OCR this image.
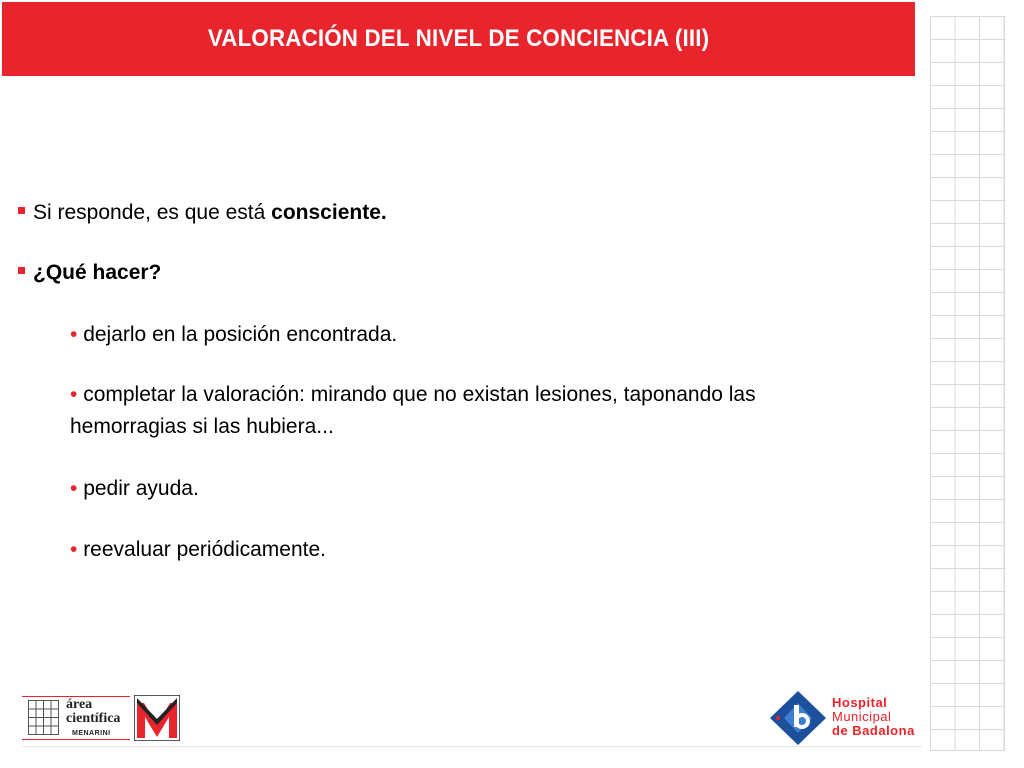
VALORACIÓN DEL NIVEL DE CONCIENCIA (III)
Si responde, es que está consciente.
¿Qué hacer?
• dejarlo en la posición encontrada.
• completar la valoración: mirando que no existan lesiones, taponando las
hemorragias si las hubiera...
• pedir ayuda.
• reevaluar periódicamente.
área
científica
MENARINI
Hospital
Municipal
de Badalona
